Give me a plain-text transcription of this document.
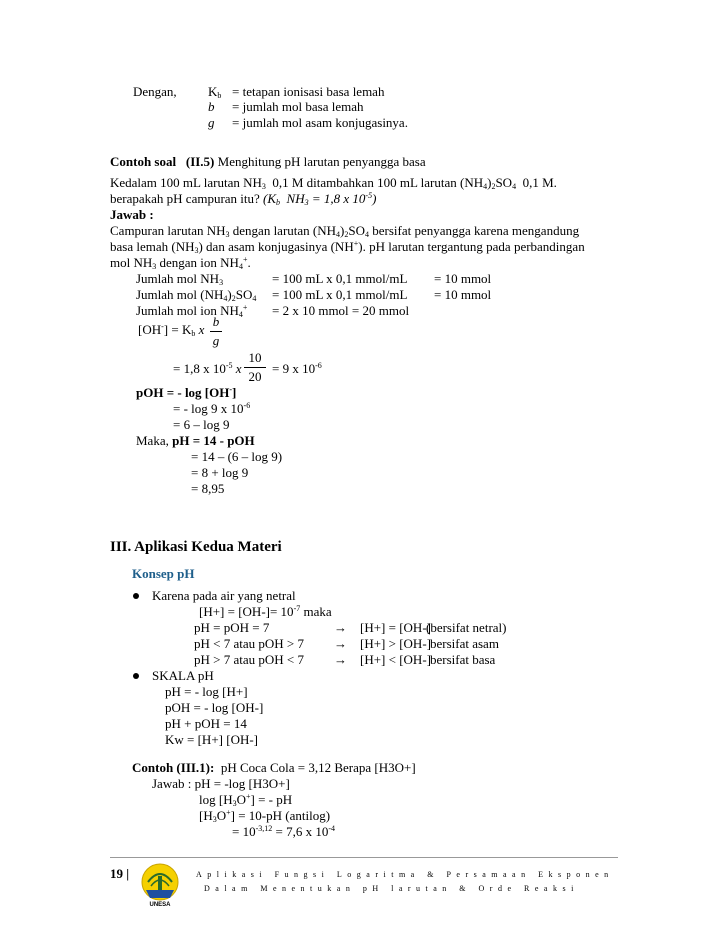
Dengan, $K_b$ = tetapan ionisasi basa lemah
b = jumlah mol basa lemah
g = jumlah mol asam konjugasinya.
Contoh soal (II.5) Menghitung pH larutan penyangga basa
Kedalam 100 mL larutan $NH_3$ 0,1 M ditambahkan 100 mL larutan $(NH_4)_2SO_4$ 0,1 M.
berapakah pH campuran itu? ($K_b$ $NH_3 = 1,8$ x $10^{-5}$)
Jawab :
Campuran larutan $NH_3$ dengan larutan $(NH_4)_2SO_4$ bersifat penyangga karena mengandung
basa lemah $(NH_3)$ dan asam konjugasinya (NH+). pH larutan tergantung pada perbandingan
mol $NH_3$ dengan ion $NH_4^+$.
Jumlah mol $NH_3$	= 100 mL x 0,1 mmol/mL = 10 mmol
Jumlah mol $(NH_4)_2SO_4 = 100$ mL x 0,1 mmol/mL = 10 mmol
Jumlah mol ion $NH_4^+ = 2$ x 10 mmol = 20 mmol
$[OH^-] = K_b$ x
b
g
= 1,8 x $10^{-5}$ x
10
20
= 9 x $10^{-6}$
pOH = - log [OH-]
= - log 9 x $10^{-6}$
= 6 – log 9
Maka, pH = 14 - pOH
= 14 – (6 – log 9)
= 8 + log 9
= 8,95
III. Aplikasi Kedua Materi
Konsep pH
Karena pada air yang netral
$[H+] = [OH-]= 10^{-7}$ maka
pH = pOH = 7	→ [H+] = [OH-]
(bersifat netral)
pH < 7 atau pOH > 7 → [H+] > [OH-] bersifat asam
pH > 7 atau pOH < 7 → [H+] < [OH-] bersifat basa
SKALA pH
pH = - log [H+]
pOH = - log [OH-]
pH + pOH = 14
Kw = [H+] [OH-]
Contoh (III.1): pH Coca Cola = 3,12 Berapa [H3O+]
Jawab : pH = -log [H3O+]
$\log [H_3O^+]$ = - pH
$[H_3O^+] = 10-pH$ (antilog)
= $10^{-3,12} = 7,6$ x $10^{-4}$
19 |
UNESA
Aplikasi Fungsi Logaritma & Persamaan Eksponen
Dalam Menentukan pH larutan & Orde Reaksi
